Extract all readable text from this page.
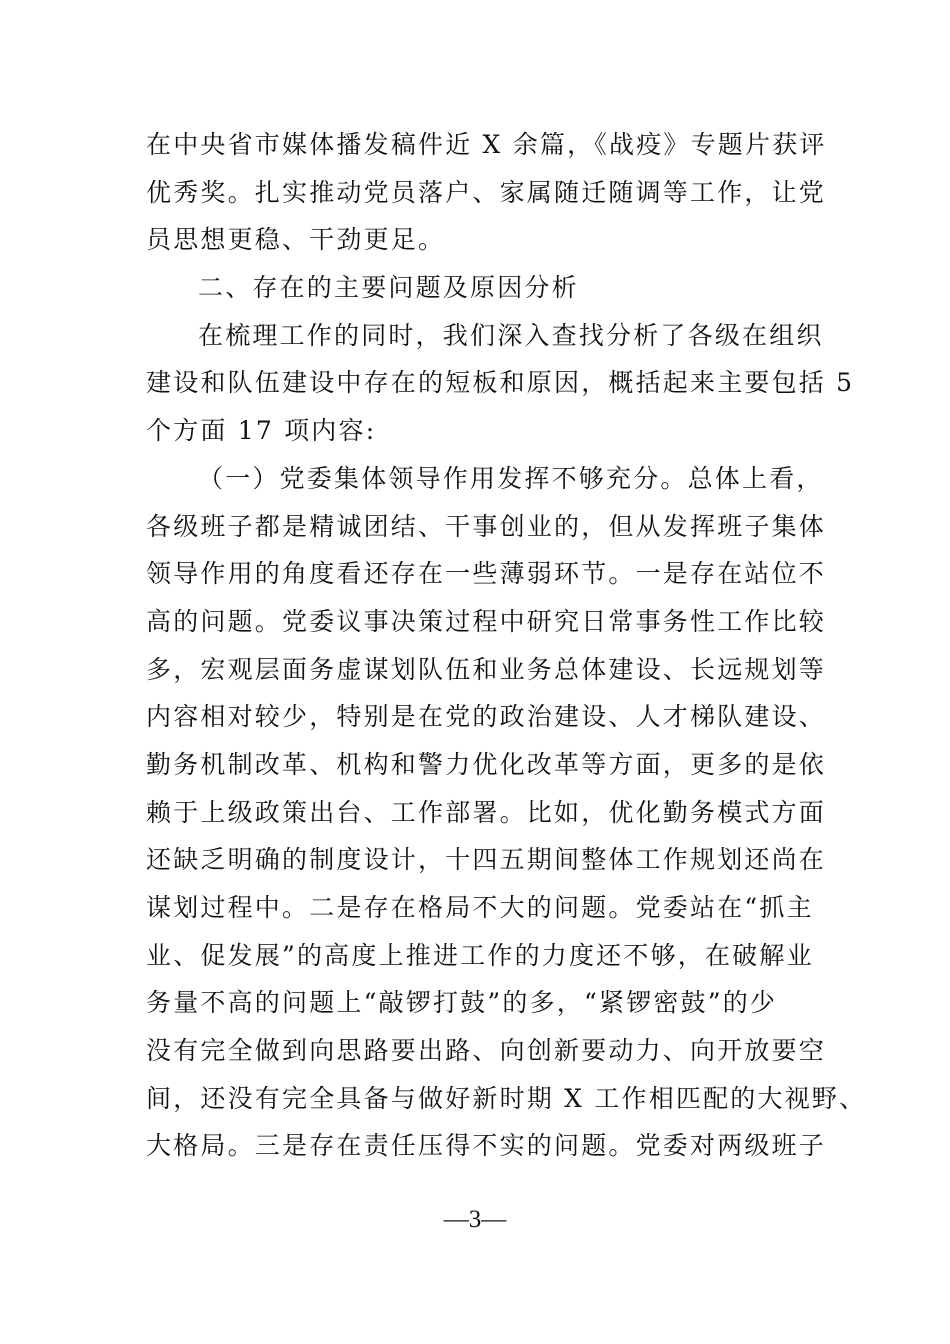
在中央省市媒体播发稿件近 X 余篇，《战疫》专题片获评
优秀奖。扎实推动党员落户、家属随迁随调等工作，让党
员思想更稳、干劲更足。
二、存在的主要问题及原因分析
在梳理工作的同时，我们深入查找分析了各级在组织
建设和队伍建设中存在的短板和原因，概括起来主要包括 5
个方面 17 项内容:
（一）党委集体领导作用发挥不够充分。总体上看，
各级班子都是精诚团结、干事创业的，但从发挥班子集体
领导作用的角度看还存在一些薄弱环节。一是存在站位不
高的问题。党委议事决策过程中研究日常事务性工作比较
多，宏观层面务虚谋划队伍和业务总体建设、长远规划等
内容相对较少，特别是在党的政治建设、人才梯队建设、
勤务机制改革、机构和警力优化改革等方面，更多的是依
赖于上级政策出台、工作部署。比如，优化勤务模式方面
还缺乏明确的制度设计，十四五期间整体工作规划还尚在
谋划过程中。二是存在格局不大的问题。党委站在“抓主
业、促发展”的高度上推进工作的力度还不够，在破解业
务量不高的问题上“敲锣打鼓”的多，“紧锣密鼓”的少
没有完全做到向思路要出路、向创新要动力、向开放要空
间，还没有完全具备与做好新时期 X 工作相匹配的大视野、
大格局。三是存在责任压得不实的问题。党委对两级班子
—3—
